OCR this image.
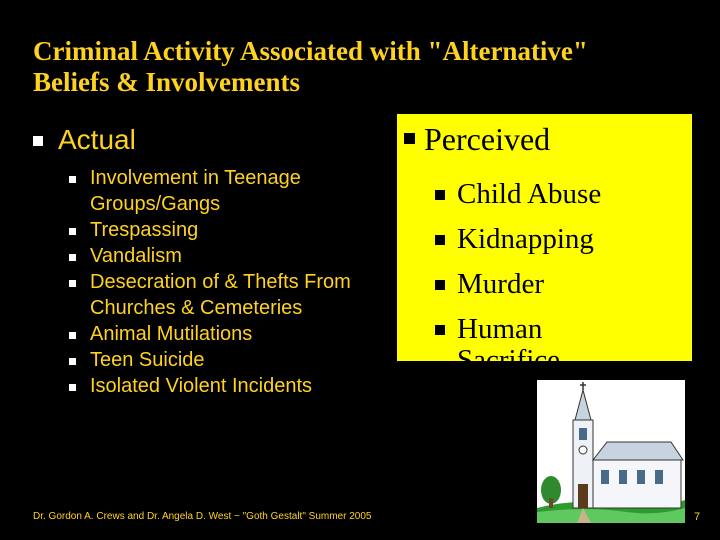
Criminal Activity Associated with "Alternative"
Beliefs & Involvements
Actual
Involvement in Teenage Groups/Gangs
Trespassing
Vandalism
Desecration of & Thefts From Churches & Cemeteries
Animal Mutilations
Teen Suicide
Isolated Violent Incidents
Perceived
Child Abuse
Kidnapping
Murder
Human Sacrifice
Dr. Gordon A. Crews and Dr. Angela D. West ~ "Goth Gestalt" Summer 2005	7
